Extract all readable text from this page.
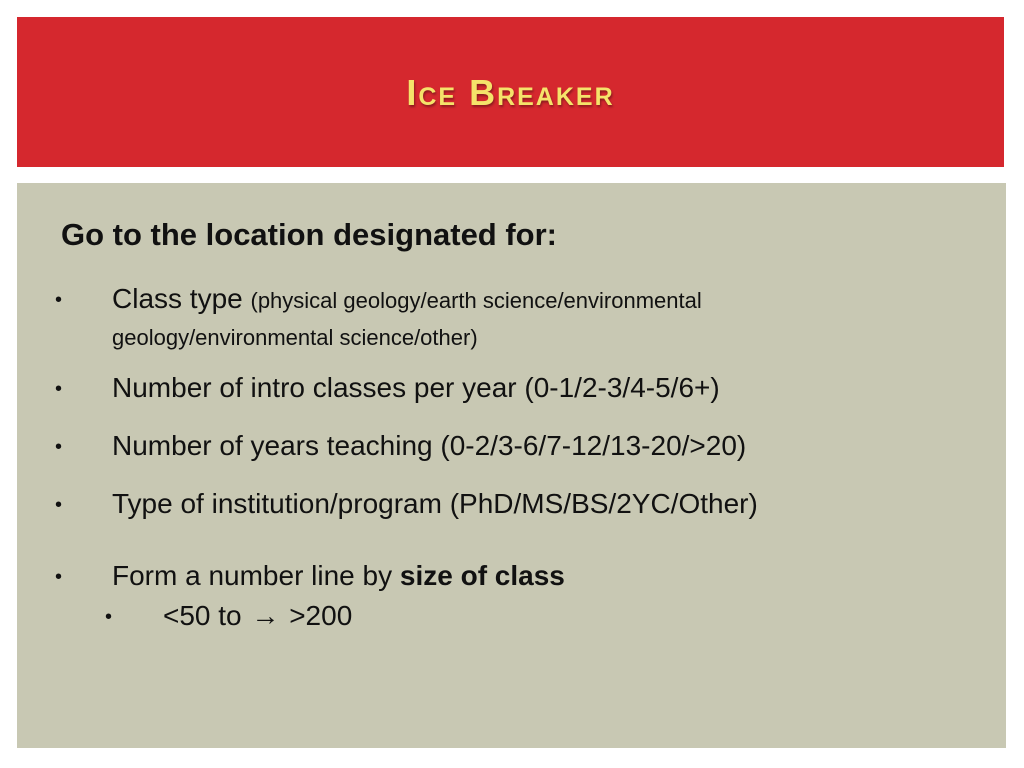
Ice Breaker
Go to the location designated for:
• Class type (physical geology/earth science/environmental
geology/environmental science/other)
• Number of intro classes per year (0-1/2-3/4-5/6+)
• Number of years teaching (0-2/3-6/7-12/13-20/>20)
• Type of institution/program (PhD/MS/BS/2YC/Other)
• Form a number line by size of class
• <50 to → >200
